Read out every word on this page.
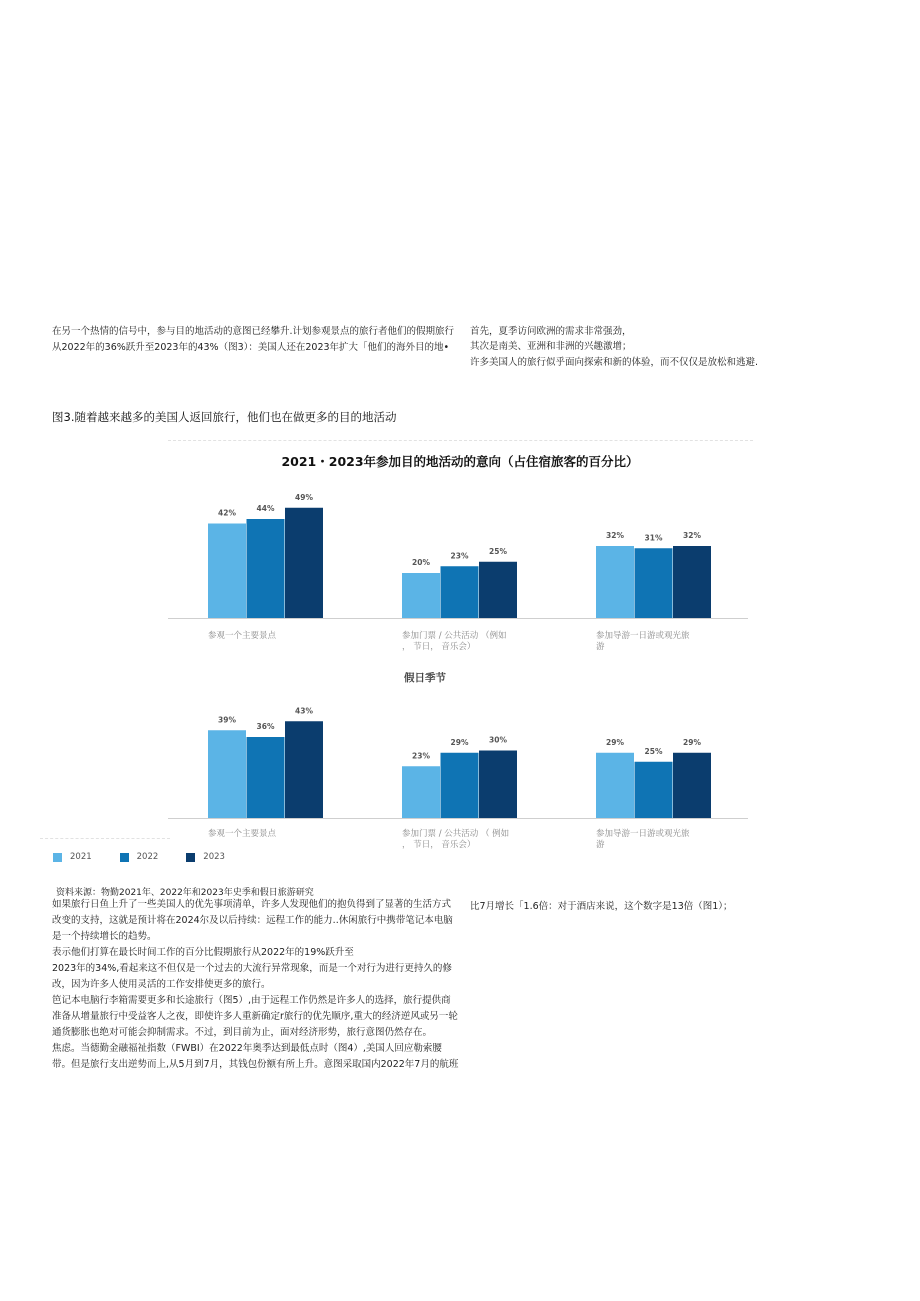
在另一个热情的信号中，参与目的地活动的意图已经攀升.计划参观景点的旅行者他们的假期旅行
从2022年的36%跃升至2023年的43%（图3）：美国人还在2023年扩大「他们的海外目的地•
首先，夏季访问欧洲的需求非常强劲，
其次是南美、亚洲和非洲的兴趣激增；
许多美国人的旅行似乎面向探索和新的体验，而不仅仅是放松和逃避.
图3.随着越来越多的美国人返回旅行，他们也在做更多的目的地活动
2021・2023年参加目的地活动的意向（占住宿旅客的百分比）
42%	44%
49%
参观一个主要景点
20%
23%	25%
参加门票 / 公共活动 （例如
， 节日， 音乐会）
32%	31%	32%
参加导游一日游或观光旅
游
假日季节
39%
36%
43%
参观一个主要景点
23%
29%	30%
参加门票 / 公共活动 （ 例如
， 节日， 音乐会）
29%
25%
29%
参加导游一日游或观光旅
游
2021	2022	2023
资料来源：物勤2021年、2022年和2023年史季和假日旅游研究
如果旅行日鱼上升了一些美国人的优先事项清单，许多人发现他们的抱负得到了显著的生活方式
改变的支持，这就是预计将在2024尔及以后持续：远程工作的能力..休闲旅行中携带笔记本电脑
是一个持续增长的趋势。
表示他们打算在最长时间工作的百分比假期旅行从2022年的19%跃升至
2023年的34%,看起来这不但仅是一个过去的大流行异常现象，而是一个对行为进行更持久的修
改，因为许多人使用灵活的工作安排使更多的旅行。
笆记本电脑行李箱需要更多和长途旅行（图5）,由于远程工作仍然是许多人的选择，旅行提供商
准备从增量旅行中受益客人之夜，即使许多人重新确定r旅行的优先顺序,重大的经济逆风或另一轮
通货膨胀也绝对可能会抑制需求。不过，到目前为止，面对经济形势，旅行意图仍然存在。
焦虑。当德勤金融福祉指数（FWBI）在2022年奥季达到最低点时（图4）,美国人回应勒索腰
带。但是旅行支出逆势而上,从5月到7月，其钱包份额有所上升。意图采取国内2022年7月的航班
比7月增长「1.6倍：对于酒店来说，这个数字是13倍（图1）；
